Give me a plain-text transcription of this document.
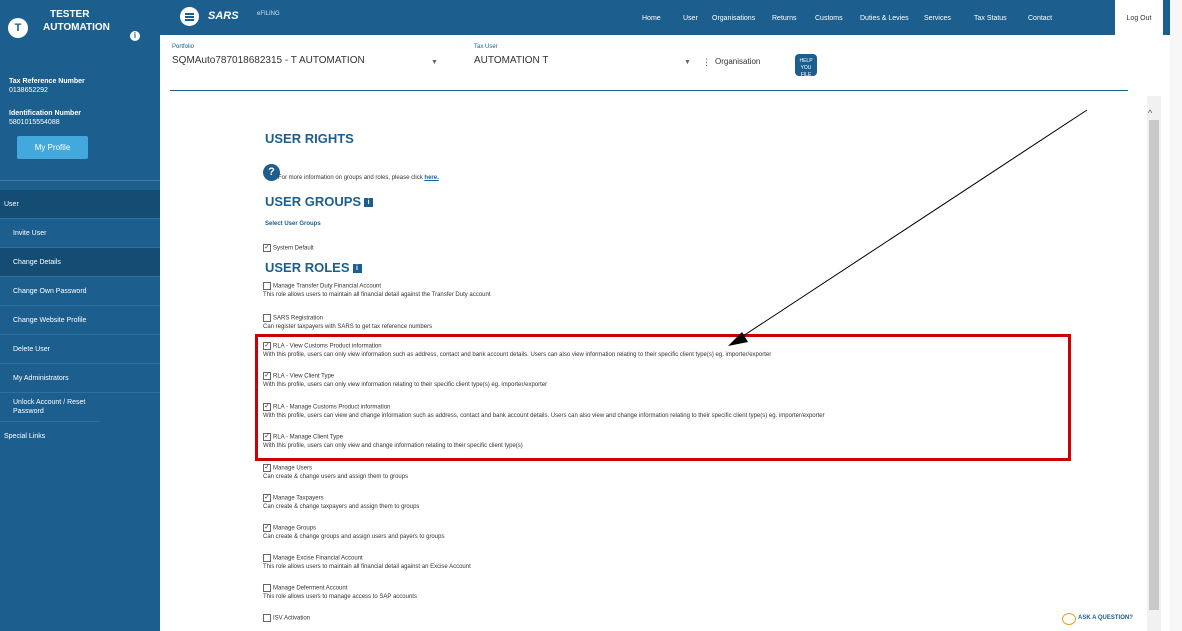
T
TESTER
AUTOMATION
i
Tax Reference Number
0138652292
Identification Number
5801015554088
My Profile
User
Invite User
Change Details
Change Own Password
Change Website Profile
Delete User
My Administrators
Unlock Account / Reset Password
Special Links
SARS	eFILING
Home	User Organisations Returns	Customs Duties & Levies Services	Tax Status	Contact	Log Out
Portfolio
SQMAuto787018682315 - T AUTOMATION	▼
Tax User
AUTOMATION T	▼ ⋮ Organisation	HELP YOU FILE
USER RIGHTS
? For more information on groups and roles, please click here.
USER GROUPS i
Select User Groups
✓ System Default
USER ROLES i
Manage Transfer Duty Financial Account
This role allows users to maintain all financial detail against the Transfer Duty account
SARS Registration
Can register taxpayers with SARS to get tax reference numbers
✓ RLA - View Customs Product information
With this profile, users can only view information such as address, contact and bank account details. Users can also view information relating to their specific client type(s) eg. importer/exporter
✓ RLA - View Client Type
With this profile, users can only view information relating to their specific client type(s) eg. importer/exporter
✓ RLA - Manage Customs Product information
With this profile, users can view and change information such as address, contact and bank account details. Users can also view and change information relating to their specific client type(s) eg. importer/exporter
✓ RLA - Manage Client Type
With this profile, users can only view and change information relating to their specific client type(s)
✓ Manage Users
Can create & change users and assign them to groups
✓ Manage Taxpayers
Can create & change taxpayers and assign them to groups
✓ Manage Groups
Can create & change groups and assign users and payers to groups
Manage Excise Financial Account
This role allows users to maintain all financial detail against an Excise Account
Manage Deferment Account
This role allows users to manage access to SAP accounts
ISV Activation

^
ASK A QUESTION?
